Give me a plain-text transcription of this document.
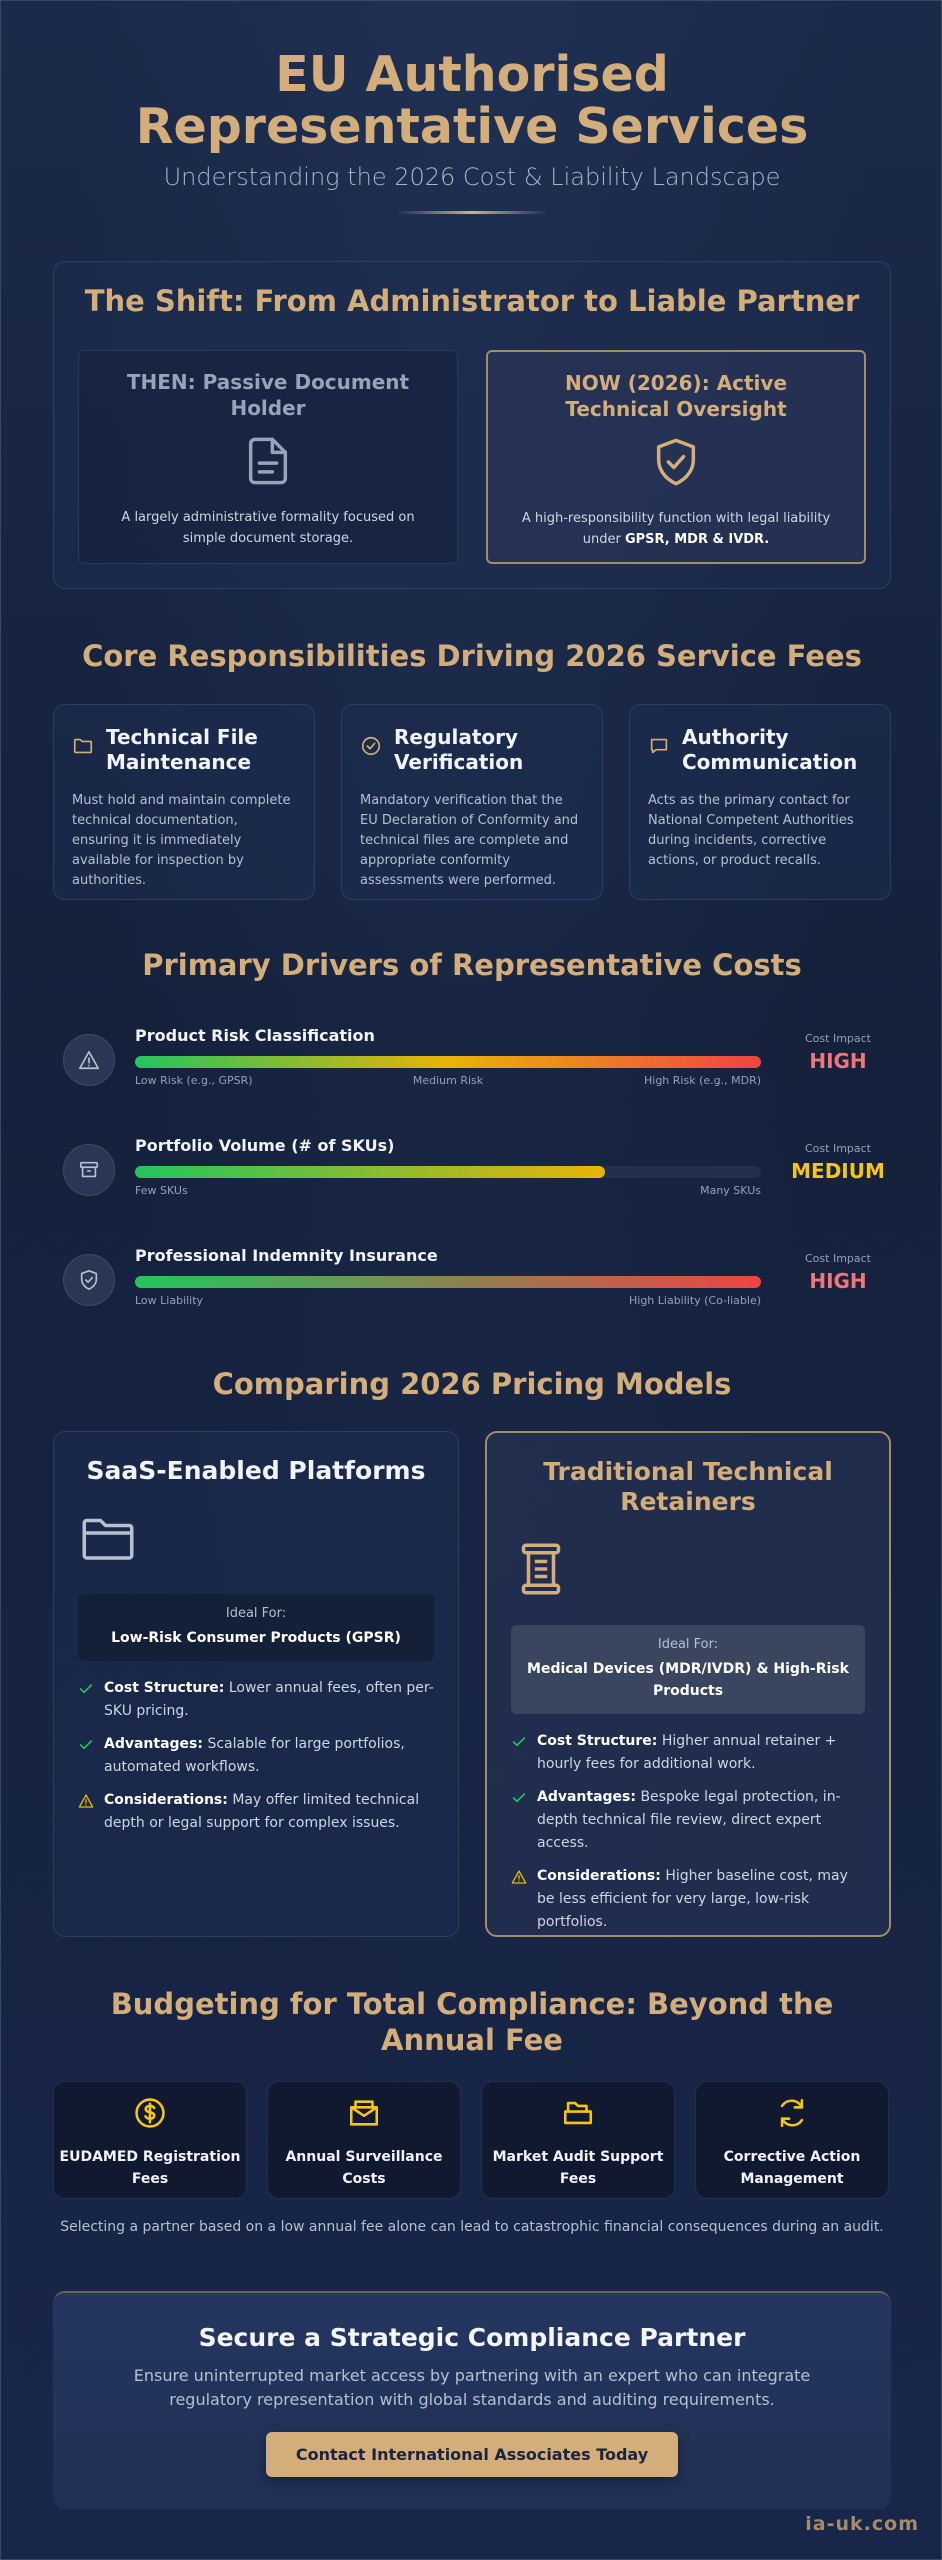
EU Authorised Representative Services
Understanding the 2026 Cost & Liability Landscape
The Shift: From Administrator to Liable Partner
THEN: Passive Document Holder

A largely administrative formality focused on simple document storage.

NOW (2026): Active Technical Oversight

A high-responsibility function with legal liability under GPSR, MDR & IVDR.

Core Responsibilities Driving 2026 Service Fees
Technical File Maintenance

Must hold and maintain complete technical documentation, ensuring it is immediately available for inspection by authorities.

Regulatory Verification

Mandatory verification that the EU Declaration of Conformity and technical files are complete and appropriate conformity assessments were performed.

Authority Communication

Acts as the primary contact for National Competent Authorities during incidents, corrective actions, or product recalls.

Primary Drivers of Representative Costs
Product Risk Classification
Low Risk (e.g., GPSR)	Medium Risk	High Risk (e.g., MDR)
Cost Impact
HIGH
Portfolio Volume (# of SKUs)
Few SKUs	Many SKUs
Cost Impact
MEDIUM
Professional Indemnity Insurance
Low Liability	High Liability (Co-liable)
Cost Impact
HIGH
Comparing 2026 Pricing Models
SaaS-Enabled Platforms
Ideal For:
Low-Risk Consumer Products (GPSR)
Cost Structure: Lower annual fees, often per-SKU pricing.
Advantages: Scalable for large portfolios, automated workflows.
Considerations: May offer limited technical depth or legal support for complex issues.
Traditional Technical Retainers
Ideal For:
Medical Devices (MDR/IVDR) & High-Risk Products
Cost Structure: Higher annual retainer + hourly fees for additional work.
Advantages: Bespoke legal protection, in-depth technical file review, direct expert access.
Considerations: Higher baseline cost, may be less efficient for very large, low-risk portfolios.
Budgeting for Total Compliance: Beyond the Annual Fee
EUDAMED Registration Fees
Annual Surveillance Costs
Market Audit Support Fees
Corrective Action Management
Selecting a partner based on a low annual fee alone can lead to catastrophic financial consequences during an audit.
Secure a Strategic Compliance Partner

Ensure uninterrupted market access by partnering with an expert who can integrate regulatory representation with global standards and auditing requirements.

Contact International Associates Today
ia-uk.com
